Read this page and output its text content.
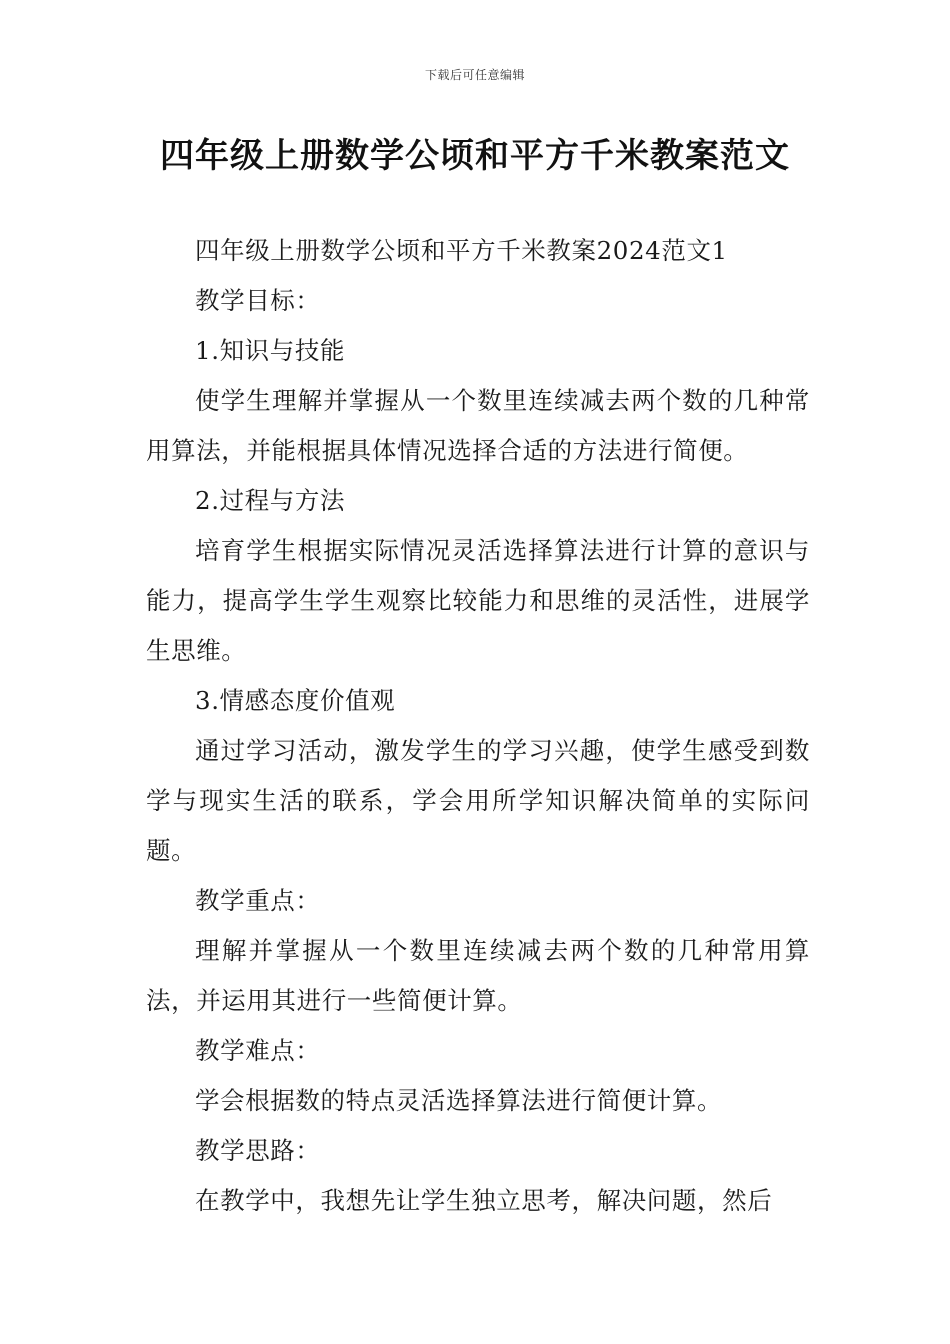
下载后可任意编辑
四年级上册数学公顷和平方千米教案范文

四年级上册数学公顷和平方千米教案2024范文1

教学目标：

1.知识与技能

使学生理解并掌握从一个数里连续减去两个数的几种常用算法，并能根据具体情况选择合适的方法进行简便。

2.过程与方法

培育学生根据实际情况灵活选择算法进行计算的意识与能力，提高学生学生观察比较能力和思维的灵活性，进展学生思维。

3.情感态度价值观

通过学习活动，激发学生的学习兴趣，使学生感受到数学与现实生活的联系，学会用所学知识解决简单的实际问题。

教学重点：

理解并掌握从一个数里连续减去两个数的几种常用算法，并运用其进行一些简便计算。

教学难点：

学会根据数的特点灵活选择算法进行简便计算。

教学思路：

在教学中，我想先让学生独立思考，解决问题，然后
